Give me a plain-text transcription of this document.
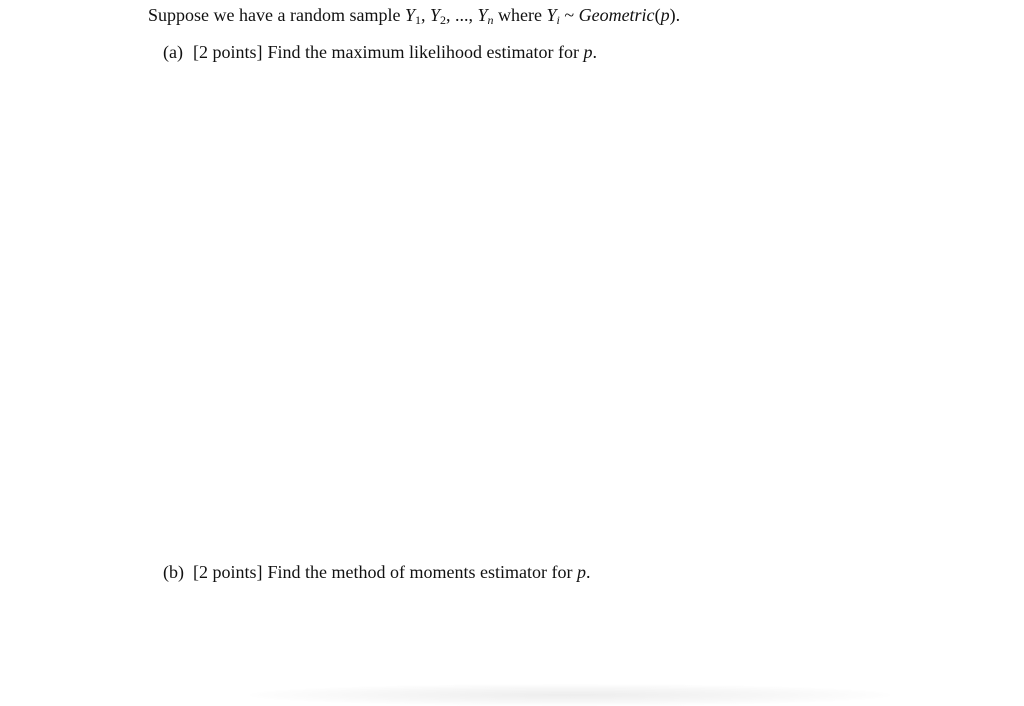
Suppose we have a random sample $Y_1$, $Y_2$, ..., $Y_n$ where $Y_i$ ~ Geometric(p).
(a) [2 points] Find the maximum likelihood estimator for p.
(b) [2 points] Find the method of moments estimator for p.
